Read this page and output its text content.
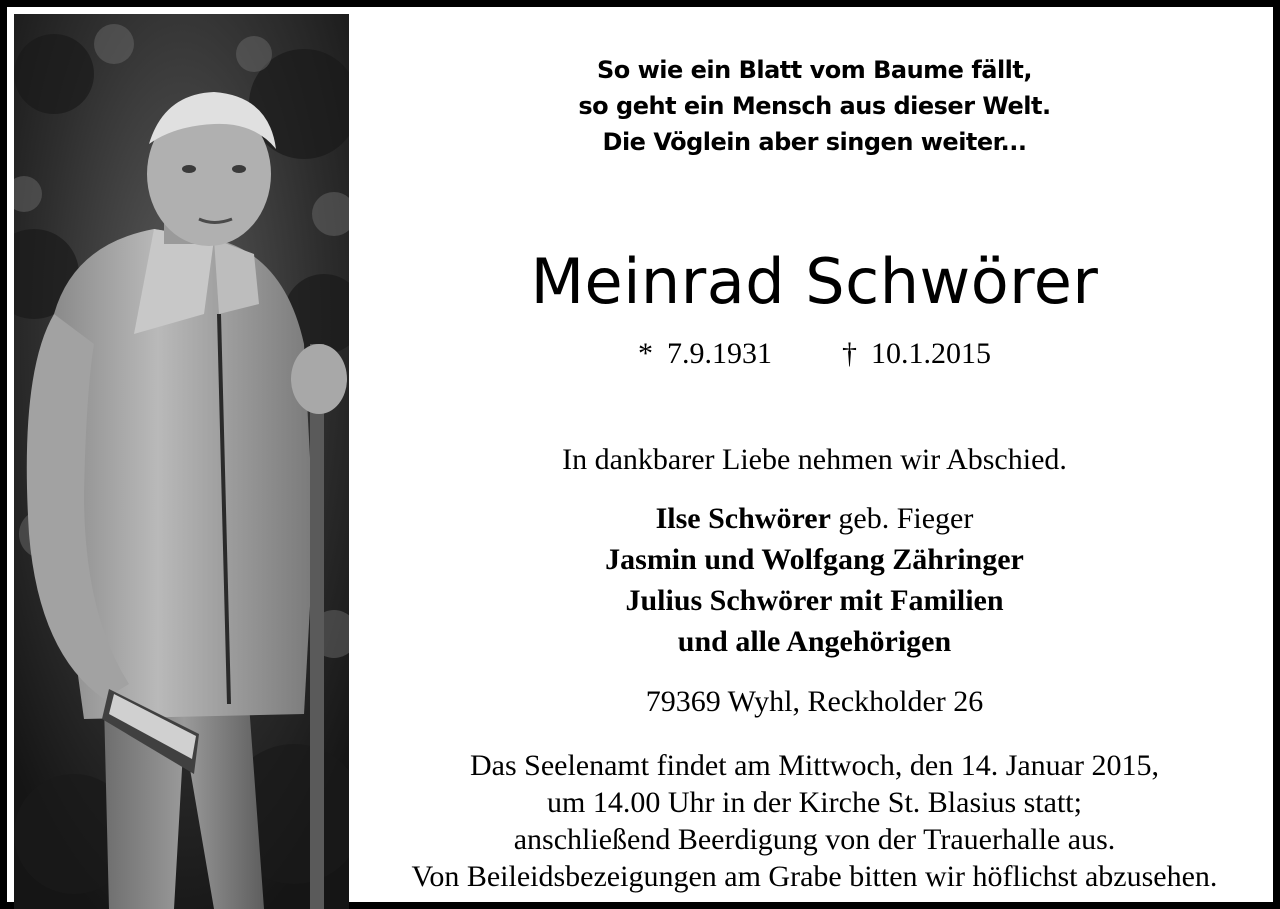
So wie ein Blatt vom Baume fällt,
so geht ein Mensch aus dieser Welt.
Die Vöglein aber singen weiter...
Meinrad Schwörer
* 7.9.1931 † 10.1.2015
In dankbarer Liebe nehmen wir Abschied.
Ilse Schwörer geb. Fieger
Jasmin und Wolfgang Zähringer
Julius Schwörer mit Familien
und alle Angehörigen
79369 Wyhl, Reckholder 26
Das Seelenamt findet am Mittwoch, den 14. Januar 2015,
um 14.00 Uhr in der Kirche St. Blasius statt;
anschließend Beerdigung von der Trauerhalle aus.
Von Beileidsbezeigungen am Grabe bitten wir höflichst abzusehen.
